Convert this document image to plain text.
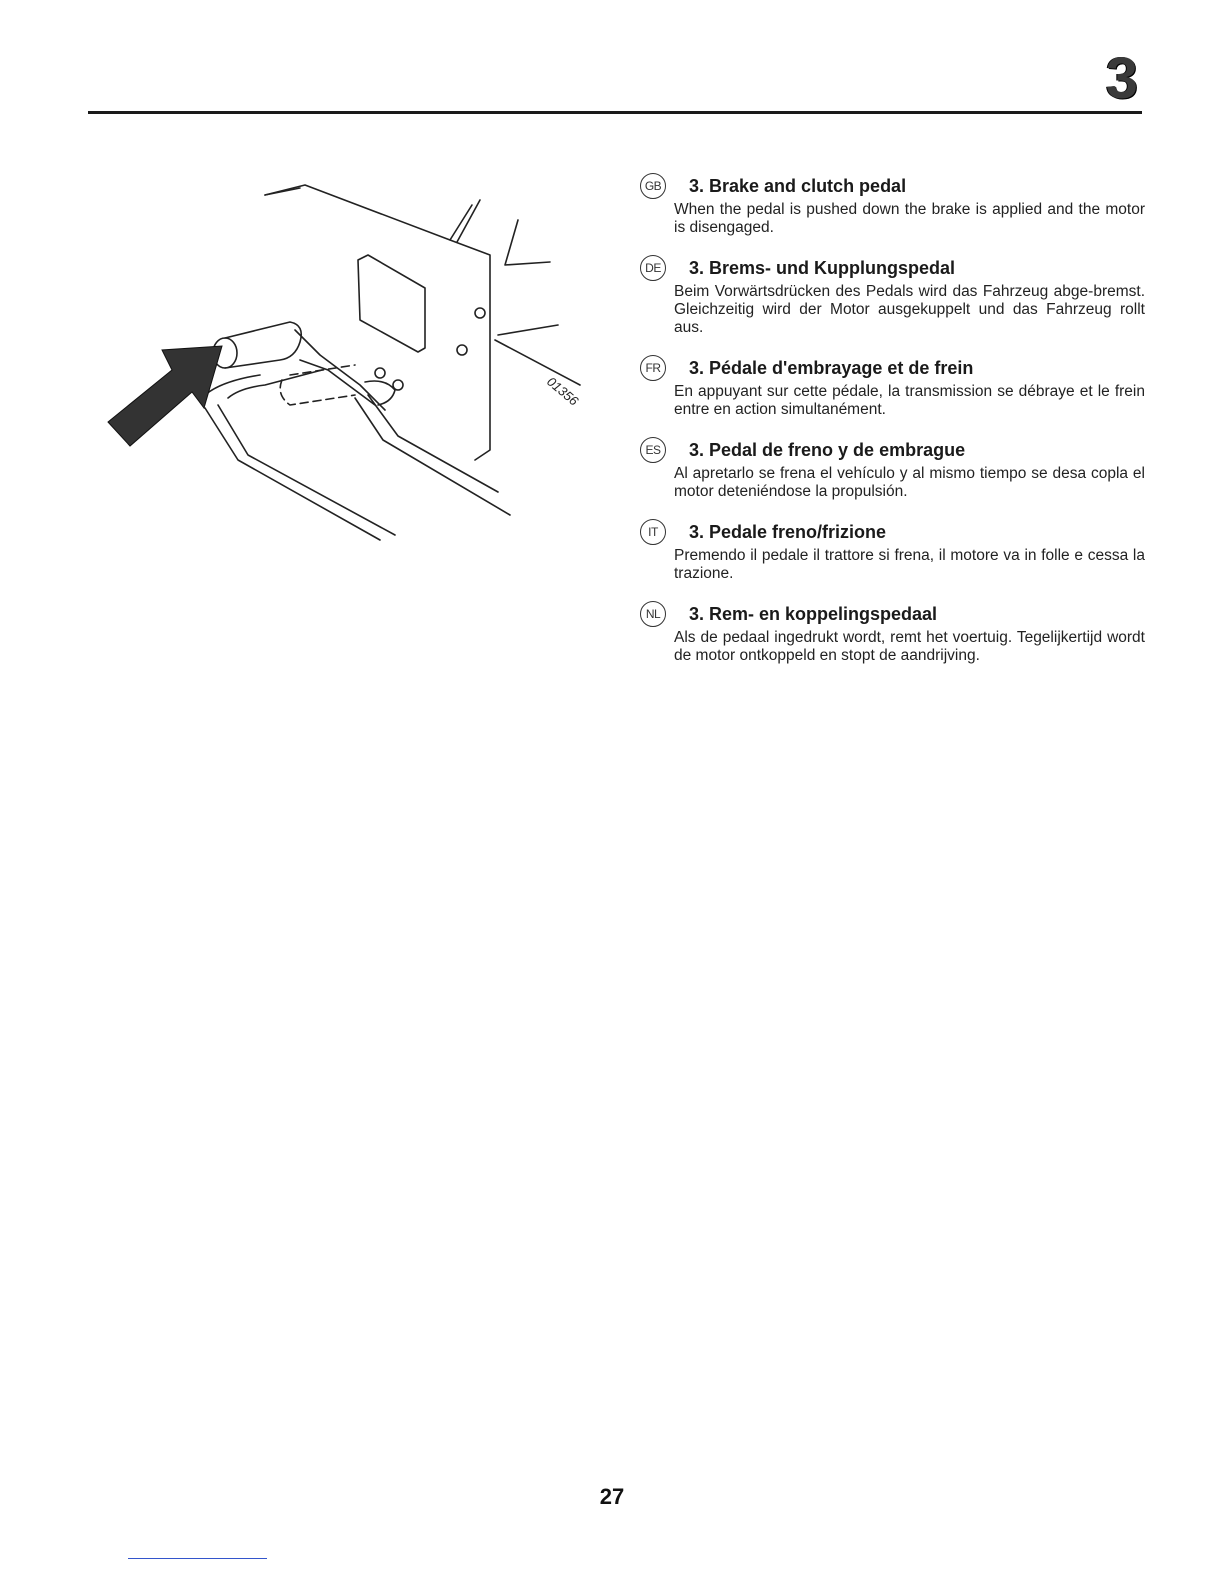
3
01356
GB 3. Brake and clutch pedal
When the pedal is pushed down the brake is applied and the motor is disengaged.
DE 3. Brems- und Kupplungspedal
Beim Vorwärtsdrücken des Pedals wird das Fahrzeug abge-bremst. Gleichzeitig wird der Motor ausgekuppelt und das Fahrzeug rollt aus.
FR	3. Pédale d'embrayage et de frein
En appuyant sur cette pédale, la transmission se débraye et le frein entre en action simultanément.
ES	3. Pedal de freno y de embrague
Al apretarlo se frena el vehículo y al mismo tiempo se desa copla el motor deteniéndose la propulsión.
IT	3. Pedale freno/frizione
Premendo il pedale il trattore si frena, il motore va in folle e cessa la trazione.
NL	3. Rem- en koppelingspedaal
Als de pedaal ingedrukt wordt, remt het voertuig. Tegelijkertijd wordt de motor ontkoppeld en stopt de aandrijving.
27
